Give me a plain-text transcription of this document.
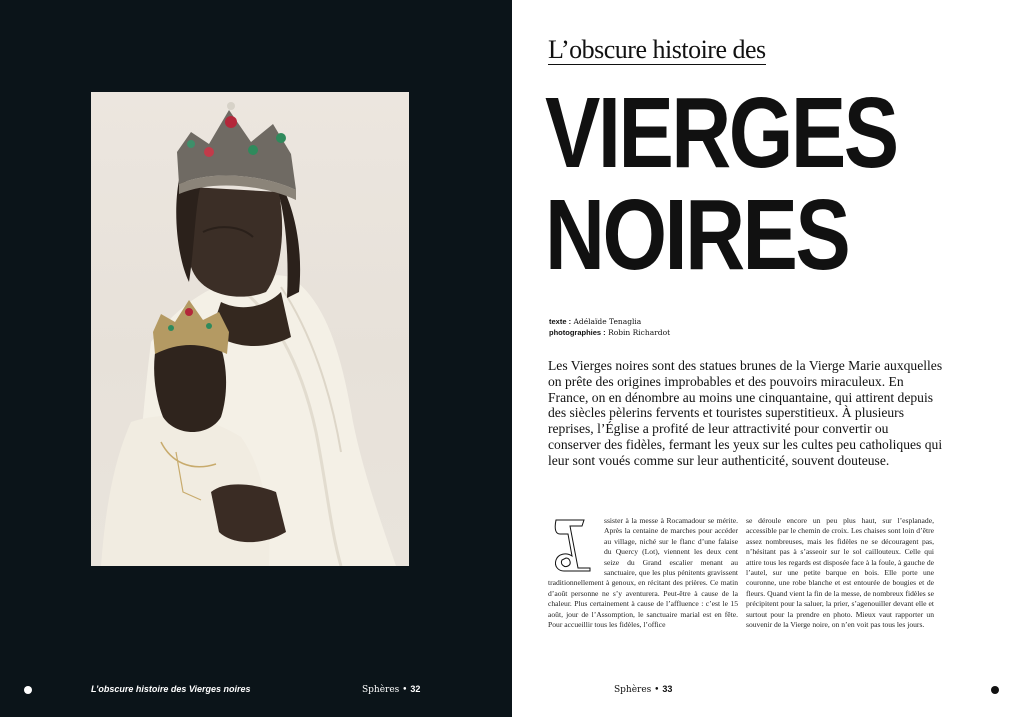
L’obscure histoire des Vierges noires	Sphères • 32
L’obscure histoire des
VIERGES
NOIRES
texte : Adélaïde Tenaglia
photographies : Robin Richardot
Les Vierges noires sont des statues brunes de la Vierge Marie auxquelles on prête des origines improbables et des pouvoirs miraculeux. En France, on en dénombre au moins une cinquantaine, qui attirent depuis des siècles pèlerins fervents et touristes superstitieux. À plusieurs reprises, l’Église a profité de leur attractivité pour convertir ou conserver des fidèles, fermant les yeux sur les cultes peu catholiques qui leur sont voués comme sur leur authenticité, souvent douteuse.
ssister à la messe à Rocamadour se mérite. Après la centaine de marches pour accéder au village, niché sur le flanc d’une falaise du Quercy (Lot), viennent les deux cent seize du Grand escalier menant au sanctuaire, que les plus pénitents gravissent traditionnellement à genoux, en récitant des prières. Ce matin d’août personne ne s’y aventurera. Peut-être à cause de la chaleur. Plus certainement à cause de l’affluence : c’est le 15 août, jour de l’Assomption, le sanctuaire marial est en fête. Pour accueillir tous les fidèles, l’office
se déroule encore un peu plus haut, sur l’esplanade, accessible par le chemin de croix. Les chaises sont loin d’être assez nombreuses, mais les fidèles ne se découragent pas, n’hésitant pas à s’asseoir sur le sol caillouteux. Celle qui attire tous les regards est disposée face à la foule, à gauche de l’autel, sur une petite barque en bois. Elle porte une couronne, une robe blanche et est entourée de bougies et de fleurs. Quand vient la fin de la messe, de nombreux fidèles se précipitent pour la saluer, la prier, s’agenouiller devant elle et surtout pour la prendre en photo. Mieux vaut rapporter un souvenir de la Vierge noire, on n’en voit pas tous les jours.
Sphères • 33
